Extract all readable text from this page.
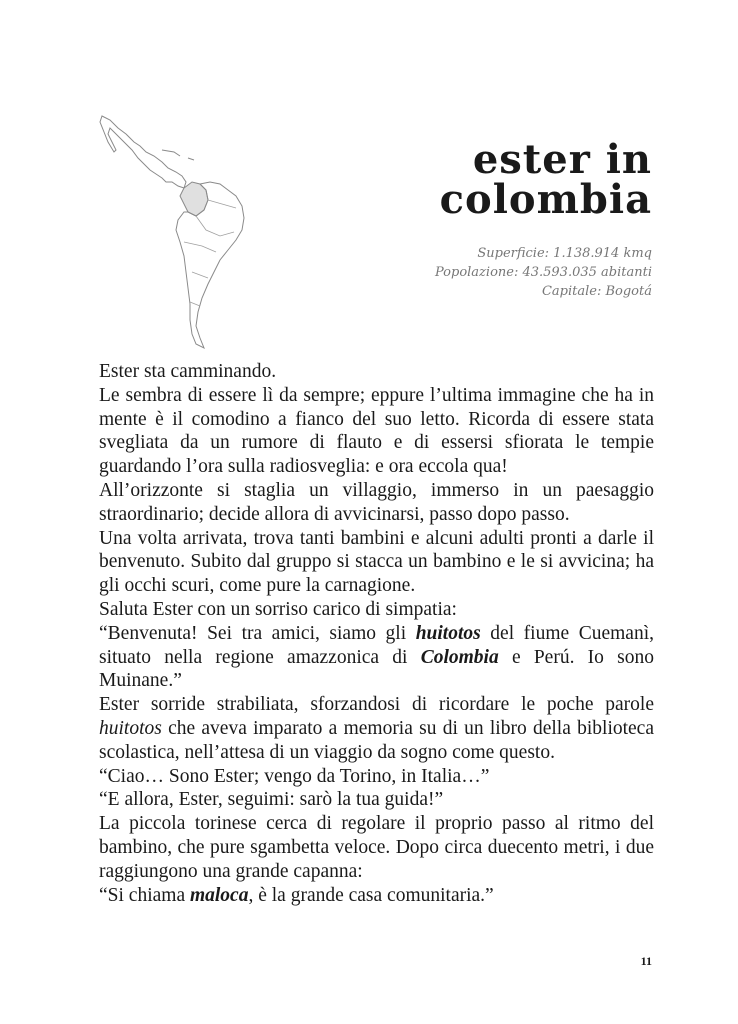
ester in colombia
Superficie: 1.138.914 kmq
Popolazione: 43.593.035 abitanti
Capitale: Bogotá

Ester sta camminando.

Le sembra di essere lì da sempre; eppure l’ultima immagine che ha in mente è il comodino a fianco del suo letto. Ricorda di essere stata svegliata da un rumore di flauto e di essersi sfiorata le tempie guardando l’ora sulla radiosveglia: e ora eccola qua!

All’orizzonte si staglia un villaggio, immerso in un paesaggio straordinario; decide allora di avvicinarsi, passo dopo passo.

Una volta arrivata, trova tanti bambini e alcuni adulti pronti a darle il benvenuto. Subito dal gruppo si stacca un bambino e le si avvicina; ha gli occhi scuri, come pure la carnagione.

Saluta Ester con un sorriso carico di simpatia:

“Benvenuta! Sei tra amici, siamo gli huitotos del fiume Cuemanì, situato nella regione amazzonica di Colombia e Perú. Io sono Muinane.”

Ester sorride strabiliata, sforzandosi di ricordare le poche parole huitotos che aveva imparato a memoria su di un libro della biblioteca scolastica, nell’attesa di un viaggio da sogno come questo.

“Ciao… Sono Ester; vengo da Torino, in Italia…”

“E allora, Ester, seguimi: sarò la tua guida!”

La piccola torinese cerca di regolare il proprio passo al ritmo del bambino, che pure sgambetta veloce. Dopo circa duecento metri, i due raggiungono una grande capanna:

“Si chiama maloca, è la grande casa comunitaria.”

11
